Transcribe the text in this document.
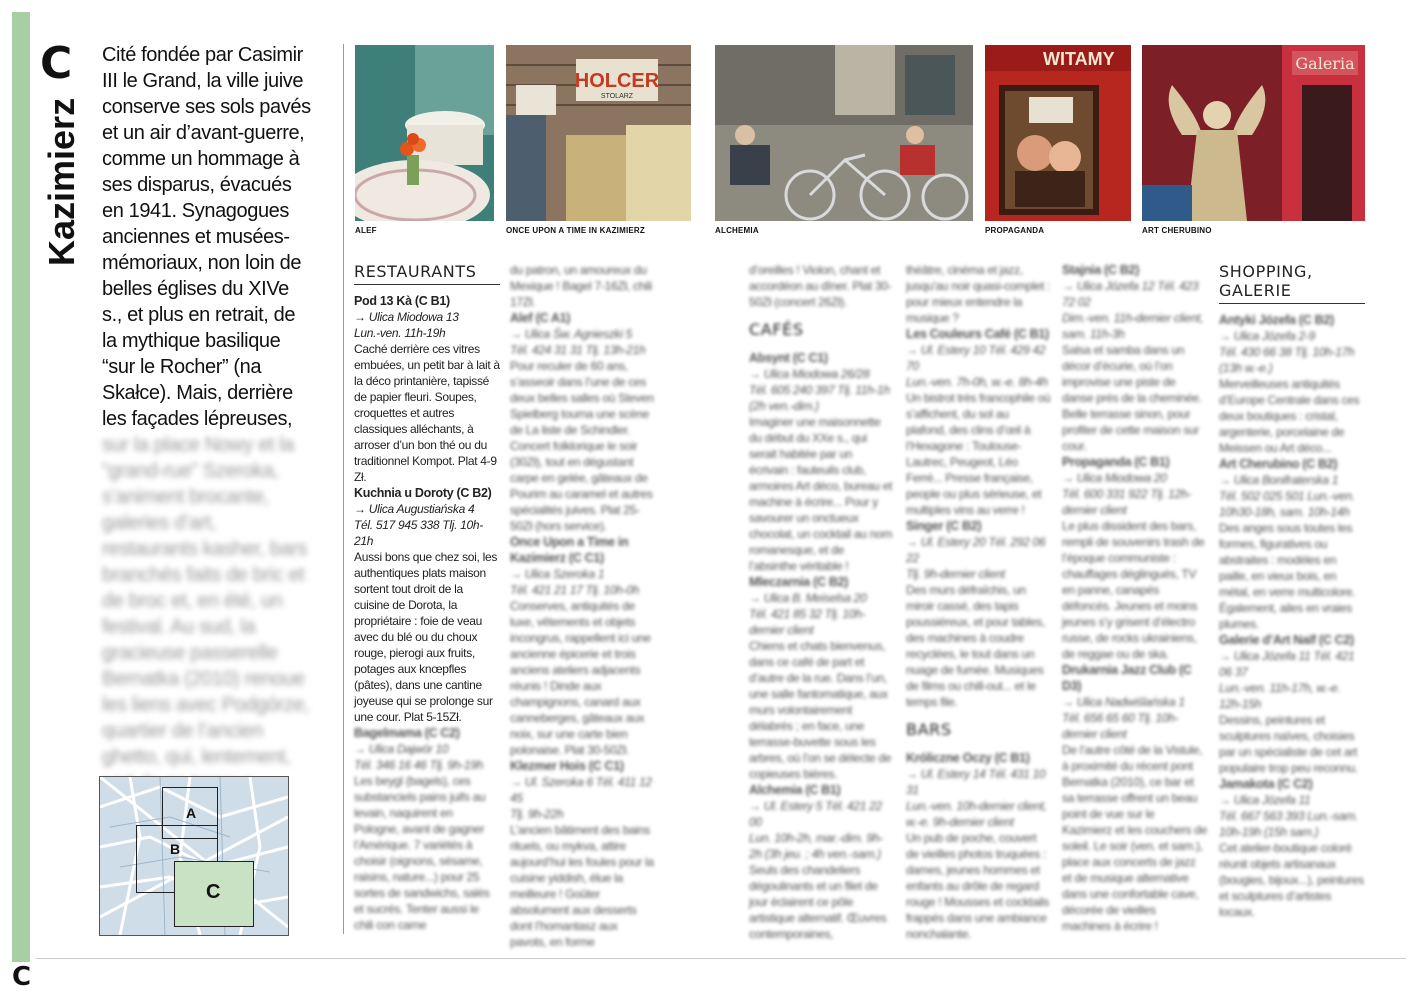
C
Kazimierz
C
Cité fondée par Casimir III le Grand, la ville juive conserve ses sols pavés et un air d’avant-guerre, comme un hommage à ses disparus, évacués en 1941. Synagogues anciennes et musées-mémoriaux, non loin de belles églises du XIVe s., et plus en retrait, de la mythique basilique “sur le Rocher” (na Skałce). Mais, derrière les façades lépreuses, sur la place Nowy et la “grand-rue” Szeroka, s’animent brocante, galeries d’art, restaurants kasher, bars branchés faits de bric et de broc et, en été, un festival. Au sud, la gracieuse passerelle Bernatka (2010) renoue les liens avec Podgórze, quartier de l’ancien ghetto, qui, lentement,
A
B
C
HOLCER
STOLARZ
WITAMY	Galeria
ALEF	ONCE UPON A TIME IN KAZIMIERZ	ALCHEMIA	PROPAGANDA	ART CHERUBINO
RESTAURANTS

Pod 13 Kà (C B1)

→ Ulica Miodowa 13

Lun.-ven. 11h-19h

Caché derrière ces vitres embuées, un petit bar à lait à la déco printanière, tapissé de papier fleuri. Soupes, croquettes et autres classiques alléchants, à arroser d’un bon thé ou du traditionnel Kompot. Plat 4-9 Zł.

Kuchnia u Doroty (C B2)

→ Ulica Augustiańska 4

Tél. 517 945 338 Tlj. 10h-21h

Aussi bons que chez soi, les authentiques plats maison sortent tout droit de la cuisine de Dorota, la propriétaire : foie de veau avec du blé ou du choux rouge, pierogi aux fruits, potages aux knœpfles (pâtes), dans une cantine joyeuse qui se prolonge sur une cour. Plat 5-15Zł.

Bagelmama (C C2)

→ Ulica Dajwór 10

Tél. 346 16 46 Tlj. 9h-19h

Les beygl (bagels), ces substanciels pains juifs au levain, naquirent en Pologne, avant de gagner l’Amérique. 7 variétés à choisir (oignons, sésame, raisins, nature...) pour 25 sortes de sandwichs, salés et sucrés. Tenter aussi le chili con carne

du patron, un amoureux du Mexique ! Bagel 7-16Zł, chili 17Zł.

Alef (C A1)

→ Ulica Św. Agnieszki 5

Tél. 424 31 31 Tlj. 13h-21h

Pour reculer de 60 ans, s’asseoir dans l’une de ces deux belles salles où Steven Spielberg tourna une scène de La liste de Schindler. Concert folklorique le soir (30Zł), tout en dégustant carpe en gelée, gâteaux de Pourim au caramel et autres spécialités juives. Plat 25-50Zł (hors service).

Once Upon a Time in Kazimierz (C C1)

→ Ulica Szeroka 1

Tél. 421 21 17 Tlj. 10h-0h

Conserves, antiquités de luxe, vêtements et objets incongrus, rappellent ici une ancienne épicerie et trois anciens ateliers adjacents réunis ! Dinde aux champignons, canard aux canneberges, gâteaux aux noix, sur une carte bien polonaise. Plat 30-50Zł.

Klezmer Hois (C C1)

→ Ul. Szeroka 6 Tél. 411 12 45

Tlj. 9h-22h

L’ancien bâtiment des bains rituels, ou mykva, attire aujourd’hui les foules pour la cuisine yiddish, élue la meilleure ! Goûter absolument aux desserts dont l’homantasz aux pavots, en forme

d’oreilles ! Violon, chant et accordéon au dîner. Plat 30-50Zł (concert 26Zł).

CAFÉS

Absynt (C C1)

→ Ulica Miodowa 26/28

Tél. 605 240 397 Tlj. 11h-1h (2h ven.-dim.)

Imaginer une maisonnette du début du XXe s., qui serait habitée par un écrivain : fauteuils club, armoires Art déco, bureau et machine à écrire... Pour y savourer un onctueux chocolat, un cocktail au nom romanesque, et de l’absinthe véritable !

Mleczarnia (C B2)

→ Ulica B. Meiselsa 20

Tél. 421 85 32 Tlj. 10h-dernier client

Chiens et chats bienvenus, dans ce café de part et d’autre de la rue. Dans l’un, une salle fantomatique, aux murs volontairement délabrés ; en face, une terrasse-buvette sous les arbres, où l’on se délecte de copieuses bières.

Alchemia (C B1)

→ Ul. Estery 5 Tél. 421 22 00

Lun. 10h-2h, mar.-dim. 9h-2h (3h jeu. ; 4h ven.-sam.)

Seuls des chandeliers dégoulinants et un filet de jour éclairent ce pôle artistique alternatif. Œuvres contemporaines,

théâtre, cinéma et jazz, jusqu’au noir quasi-complet : pour mieux entendre la musique ?

Les Couleurs Café (C B1)

→ Ul. Estery 10 Tél. 429 42 70

Lun.-ven. 7h-0h, w.-e. 8h-4h

Un bistrot très francophile où s’affichent, du sol au plafond, des clins d’œil à l’Hexagone : Toulouse-Lautrec, Peugeot, Léo Ferré... Presse française, people ou plus sérieuse, et multiples vins au verre !

Singer (C B2)

→ Ul. Estery 20 Tél. 292 06 22

Tlj. 9h-dernier client

Des murs défraîchis, un miroir cassé, des tapis poussiéreux, et pour tables, des machines à coudre recyclées, le tout dans un nuage de fumée. Musiques de films ou chill-out... et le temps file.

BARS

Króliczne Oczy (C B1)

→ Ul. Estery 14 Tél. 431 10 31

Lun.-ven. 10h-dernier client, w.-e. 9h-dernier client

Un pub de poche, couvert de vieilles photos truquées : dames, jeunes hommes et enfants au drôle de regard rouge ! Mousses et cocktails frappés dans une ambiance nonchalante.

Stajnia (C B2)

→ Ulica Józefa 12 Tél. 423 72 02

Dim.-ven. 11h-dernier client, sam. 11h-3h

Salsa et samba dans un décor d’écurie, où l’on improvise une piste de danse près de la cheminée. Belle terrasse sinon, pour profiter de cette maison sur cour.

Propaganda (C B1)

→ Ulica Miodowa 20

Tél. 600 331 922 Tlj. 12h-dernier client

Le plus dissident des bars, rempli de souvenirs trash de l’époque communiste : chauffages déglingués, TV en panne, canapés défoncés. Jeunes et moins jeunes s’y grisent d’électro russe, de rocks ukrainiens, de reggae ou de ska.

Drukarnia Jazz Club (C D3)

→ Ulica Nadwiślańska 1

Tél. 656 65 60 Tlj. 10h-dernier client

De l’autre côté de la Vistule, à proximité du récent pont Bernatka (2010), ce bar et sa terrasse offrent un beau point de vue sur le Kazimierz et les couchers de soleil. Le soir (ven. et sam.), place aux concerts de jazz et de musique alternative dans une confortable cave, décorée de vieilles machines à écrire !

SHOPPING, GALERIE

Antyki Józefa (C B2)

→ Ulica Józefa 2-9

Tél. 430 66 38 Tlj. 10h-17h (13h w.-e.)

Merveilleuses antiquités d’Europe Centrale dans ces deux boutiques : cristal, argenterie, porcelaine de Meissen ou Art déco...

Art Cherubino (C B2)

→ Ulica Bonifraterska 1

Tél. 502 025 501 Lun.-ven. 10h30-18h, sam. 10h-14h

Des anges sous toutes les formes, figuratives ou abstraites : modèles en paille, en vieux bois, en métal, en verre multicolore. Également, ailes en vraies plumes.

Galerie d’Art Naïf (C C2)

→ Ulica Józefa 11 Tél. 421 06 37

Lun.-ven. 11h-17h, w.-e. 12h-15h

Dessins, peintures et sculptures naïves, choisies par un spécialiste de cet art populaire trop peu reconnu.

Jamakota (C C2)

→ Ulica Józefa 11

Tél. 667 563 393 Lun.-sam. 10h-19h (15h sam.)

Cet atelier-boutique coloré réunit objets artisanaux (bougies, bijoux...), peintures et sculptures d’artistes locaux.
